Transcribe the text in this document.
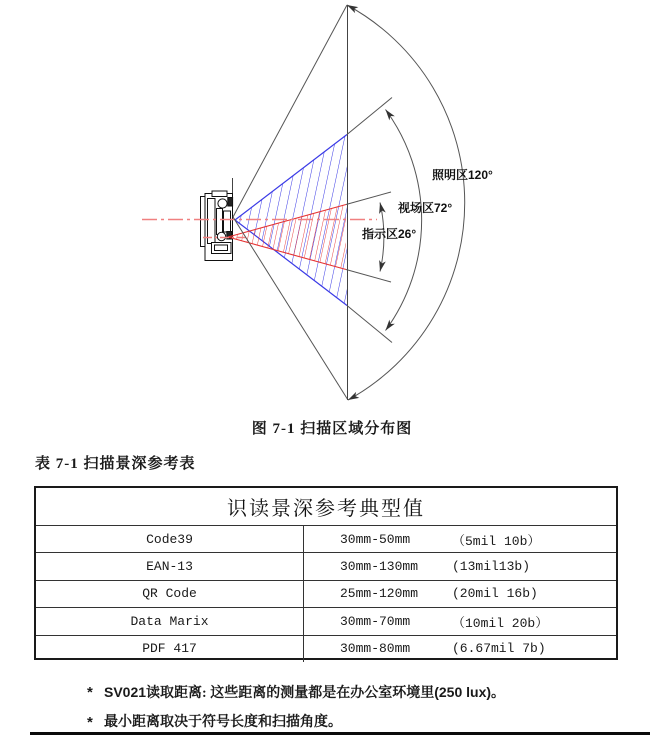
照明区120°
视场区72°
指示区26°
图 7-1 扫描区域分布图
表 7-1 扫描景深参考表
识读景深参考典型值
Code39	30mm-50mm	（5mil 10b）
EAN-13	30mm-130mm	(13mil13b)
QR Code	25mm-120mm	(20mil 16b)
Data Marix	30mm-70mm	（10mil 20b）
PDF 417	30mm-80mm	(6.67mil 7b)
* SV021读取距离: 这些距离的测量都是在办公室环境里(250 lux)。
* 最小距离取决于符号长度和扫描角度。
